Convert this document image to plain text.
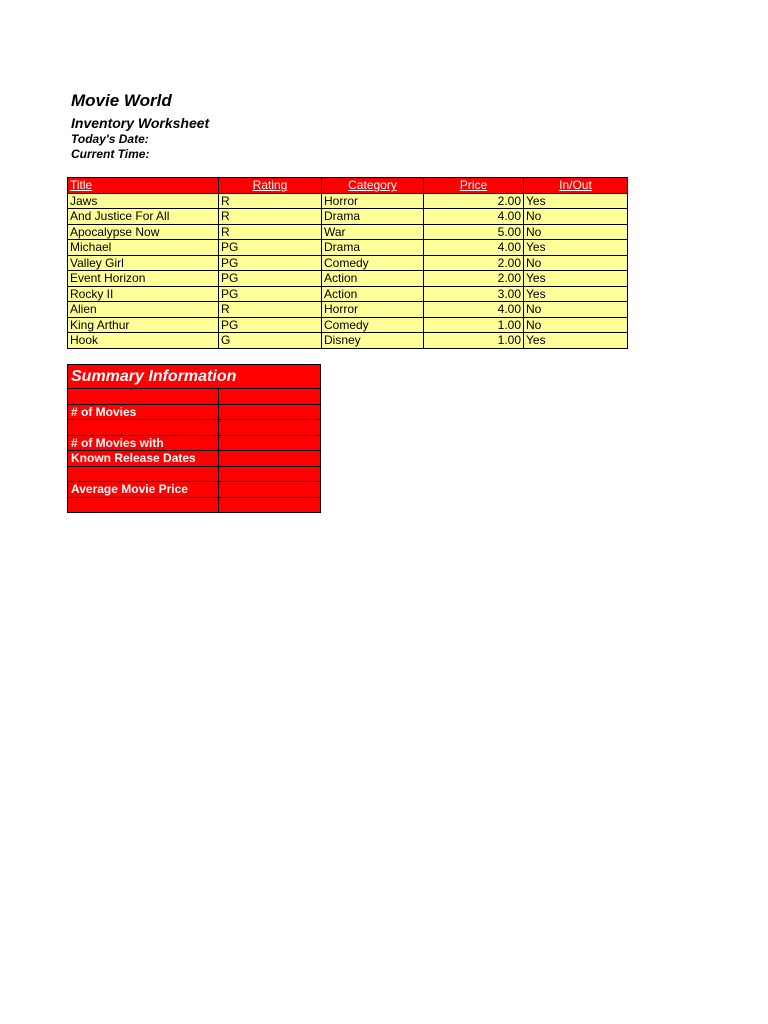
Movie World
Inventory Worksheet
Today's Date:
Current Time:
Title	Rating	Category	Price	In/Out
Jaws	R	Horror	2.00	Yes
And Justice For All	R	Drama	4.00	No
Apocalypse Now	R	War	5.00	No
Michael	PG	Drama	4.00	Yes
Valley Girl	PG	Comedy	2.00	No
Event Horizon	PG	Action	2.00	Yes
Rocky II	PG	Action	3.00	Yes
Alien	R	Horror	4.00	No
King Arthur	PG	Comedy	1.00	No
Hook	G	Disney	1.00	Yes
Summary Information	

# of Movies	

# of Movies with	
Known Release Dates	

Average Movie Price	
